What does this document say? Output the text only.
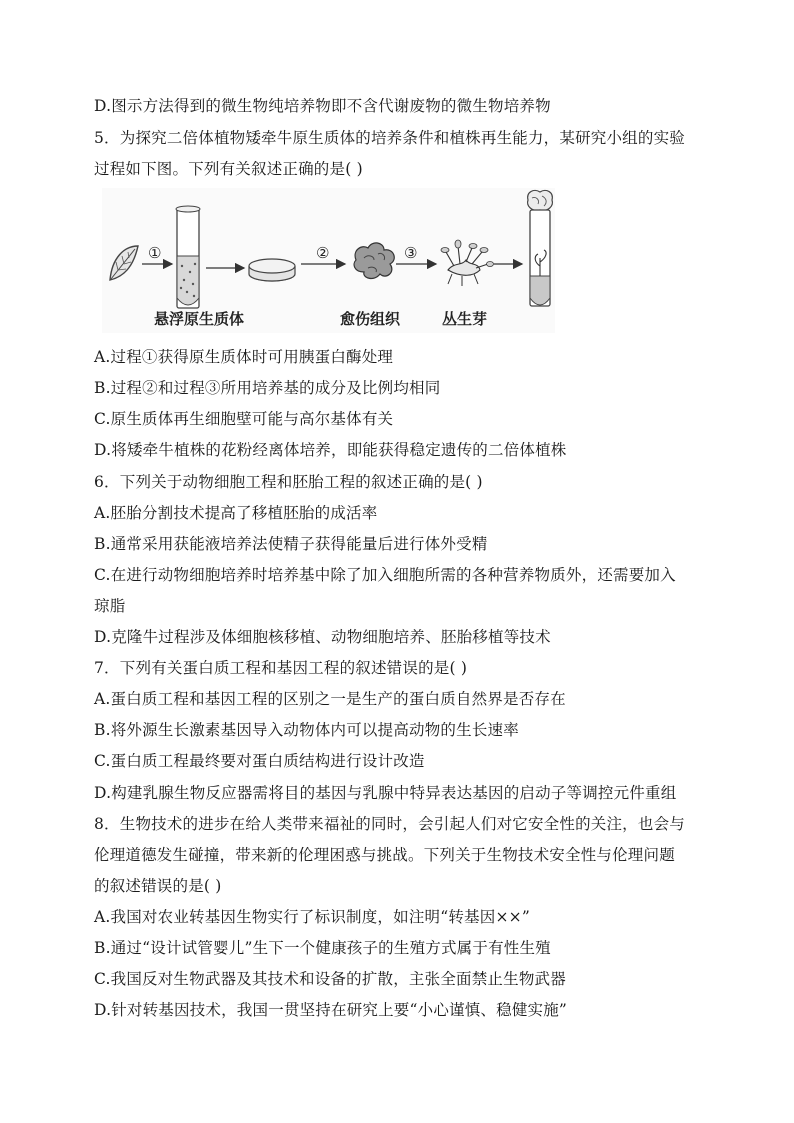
D.图示方法得到的微生物纯培养物即不含代谢废物的微生物培养物
5．为探究二倍体植物矮牵牛原生质体的培养条件和植株再生能力，某研究小组的实验
过程如下图。下列有关叙述正确的是( )
①	②	③
悬浮原生质体	愈伤组织	丛生芽
A.过程①获得原生质体时可用胰蛋白酶处理
B.过程②和过程③所用培养基的成分及比例均相同
C.原生质体再生细胞壁可能与高尔基体有关
D.将矮牵牛植株的花粉经离体培养，即能获得稳定遗传的二倍体植株
6．下列关于动物细胞工程和胚胎工程的叙述正确的是( )
A.胚胎分割技术提高了移植胚胎的成活率
B.通常采用获能液培养法使精子获得能量后进行体外受精
C.在进行动物细胞培养时培养基中除了加入细胞所需的各种营养物质外，还需要加入
琼脂
D.克隆牛过程涉及体细胞核移植、动物细胞培养、胚胎移植等技术
7．下列有关蛋白质工程和基因工程的叙述错误的是( )
A.蛋白质工程和基因工程的区别之一是生产的蛋白质自然界是否存在
B.将外源生长激素基因导入动物体内可以提高动物的生长速率
C.蛋白质工程最终要对蛋白质结构进行设计改造
D.构建乳腺生物反应器需将目的基因与乳腺中特异表达基因的启动子等调控元件重组
8．生物技术的进步在给人类带来福祉的同时，会引起人们对它安全性的关注，也会与
伦理道德发生碰撞，带来新的伦理困惑与挑战。下列关于生物技术安全性与伦理问题
的叙述错误的是( )
A.我国对农业转基因生物实行了标识制度，如注明“转基因××”
B.通过“设计试管婴儿”生下一个健康孩子的生殖方式属于有性生殖
C.我国反对生物武器及其技术和设备的扩散，主张全面禁止生物武器
D.针对转基因技术，我国一贯坚持在研究上要“小心谨慎、稳健实施”
